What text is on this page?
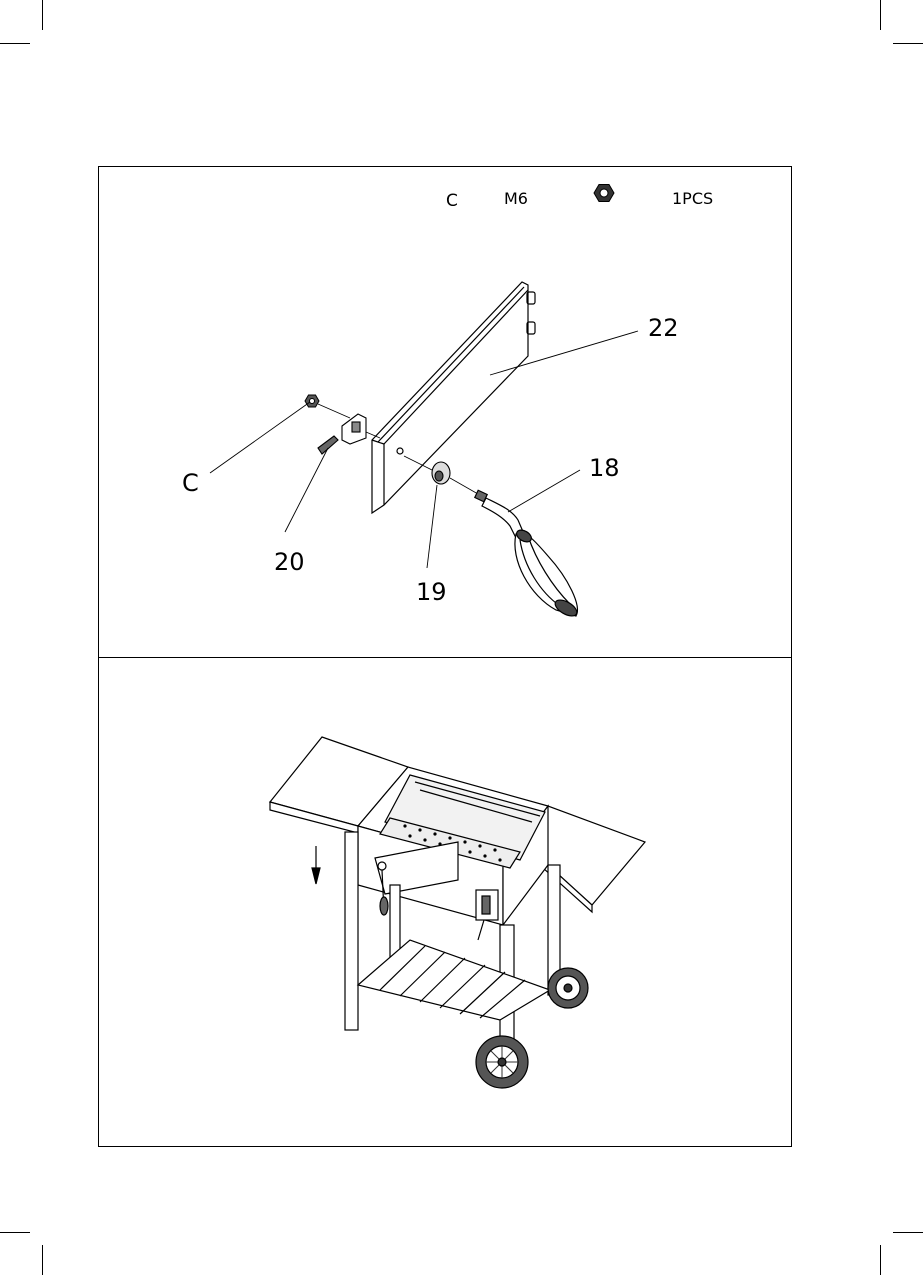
C	M6	1PCS
C
20
19
18
22
